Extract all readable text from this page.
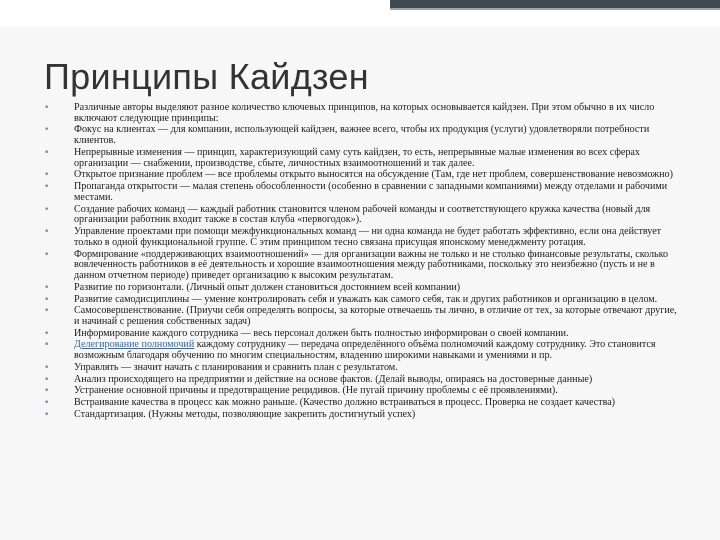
Принципы Кайдзен
• Различные авторы выделяют разное количество ключевых принципов, на которых основывается кайдзен. При этом обычно в их число включают следующие принципы:
• Фокус на клиентах — для компании, использующей кайдзен, важнее всего, чтобы их продукция (услуги) удовлетворяли потребности клиентов.
• Непрерывные изменения — принцип, характеризующий саму суть кайдзен, то есть, непрерывные малые изменения во всех сферах организации — снабжении, производстве, сбыте, личностных взаимоотношений и так далее.
• Открытое признание проблем — все проблемы открыто выносятся на обсуждение (Там, где нет проблем, совершенствование невозможно)
• Пропаганда открытости — малая степень обособленности (особенно в сравнении с западными компаниями) между отделами и рабочими местами.
• Создание рабочих команд — каждый работник становится членом рабочей команды и соответствующего кружка качества (новый для организации работник входит также в состав клуба «первогодок»).
• Управление проектами при помощи межфункциональных команд — ни одна команда не будет работать эффективно, если она действует только в одной функциональной группе. С этим принципом тесно связана присущая японскому менеджменту ротация.
• Формирование «поддерживающих взаимоотношений» — для организации важны не только и не столько финансовые результаты, сколько вовлеченность работников в её деятельность и хорошие взаимоотношения между работниками, поскольку это неизбежно (пусть и не в данном отчетном периоде) приведет организацию к высоким результатам.
• Развитие по горизонтали. (Личный опыт должен становиться достоянием всей компании)
• Развитие самодисциплины — умение контролировать себя и уважать как самого себя, так и других работников и организацию в целом.
• Самосовершенствование. (Приучи себя определять вопросы, за которые отвечаешь ты лично, в отличие от тех, за которые отвечают другие, и начинай с решения собственных задач)
• Информирование каждого сотрудника — весь персонал должен быть полностью информирован о своей компании.
• Делегирование полномочий каждому сотруднику — передача определённого объёма полномочий каждому сотруднику. Это становится возможным благодаря обучению по многим специальностям, владению широкими навыками и умениями и пр.
• Управлять — значит начать с планирования и сравнить план с результатом.
• Анализ происходящего на предприятии и действие на основе фактов. (Делай выводы, опираясь на достоверные данные)
• Устранение основной причины и предотвращение рецидивов. (Не пугай причину проблемы с её проявлениями).
• Встраивание качества в процесс как можно раньше. (Качество должно встраиваться в процесс. Проверка не создает качества)
• Стандартизация. (Нужны методы, позволяющие закрепить достигнутый успех)
